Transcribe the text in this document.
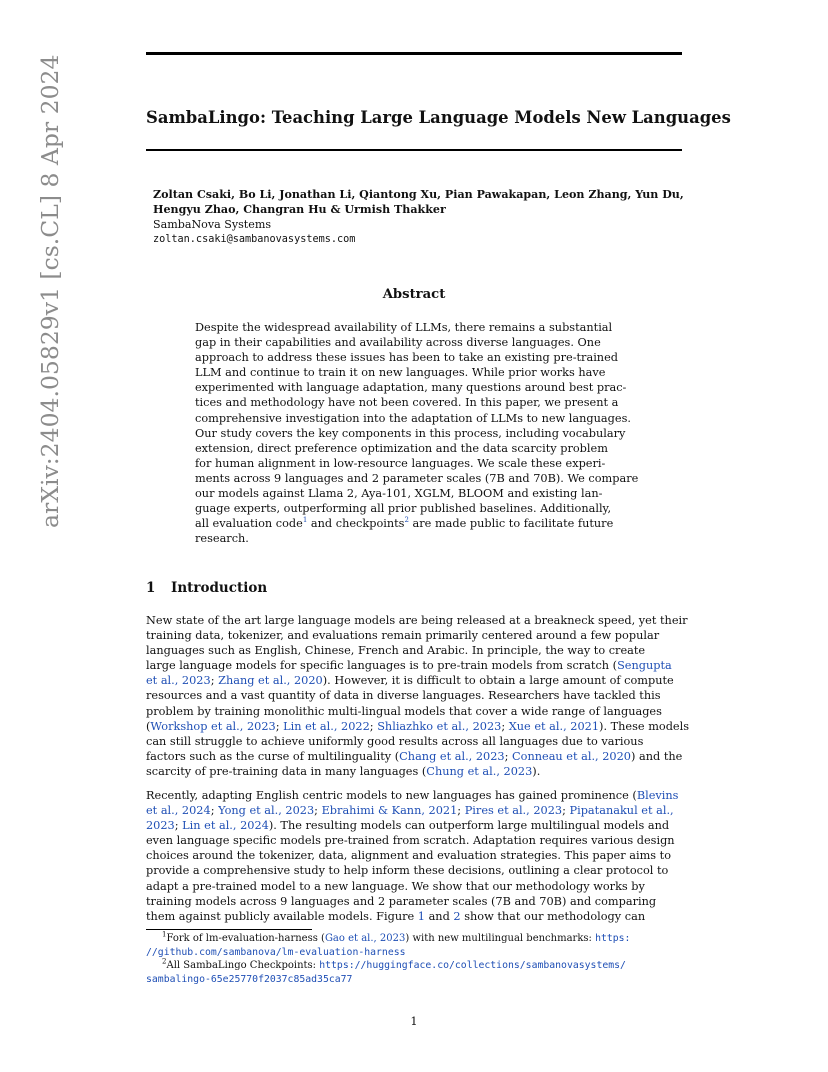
arXiv:2404.05829v1 [cs.CL] 8 Apr 2024	SambaLingo: Teaching Large Language Models New Languages
Zoltan Csaki, Bo Li, Jonathan Li, Qiantong Xu, Pian Pawakapan, Leon Zhang, Yun Du,
Hengyu Zhao, Changran Hu & Urmish Thakker
SambaNova Systems
zoltan.csaki@sambanovasystems.com
Abstract
Despite the widespread availability of LLMs, there remains a substantial
gap in their capabilities and availability across diverse languages. One
approach to address these issues has been to take an existing pre-trained
LLM and continue to train it on new languages. While prior works have
experimented with language adaptation, many questions around best prac-
tices and methodology have not been covered. In this paper, we present a
comprehensive investigation into the adaptation of LLMs to new languages.
Our study covers the key components in this process, including vocabulary
extension, direct preference optimization and the data scarcity problem
for human alignment in low-resource languages. We scale these experi-
ments across 9 languages and 2 parameter scales (7B and 70B). We compare
our models against Llama 2, Aya-101, XGLM, BLOOM and existing lan-
guage experts, outperforming all prior published baselines. Additionally,
all evaluation code$^1$ and checkpoints$^2$ are made public to facilitate future
research.
1 Introduction
New state of the art large language models are being released at a breakneck speed, yet their
training data, tokenizer, and evaluations remain primarily centered around a few popular
languages such as English, Chinese, French and Arabic. In principle, the way to create
large language models for specific languages is to pre-train models from scratch (Sengupta
et al., 2023; Zhang et al., 2020). However, it is difficult to obtain a large amount of compute
resources and a vast quantity of data in diverse languages. Researchers have tackled this
problem by training monolithic multi-lingual models that cover a wide range of languages
(Workshop et al., 2023; Lin et al., 2022; Shliazhko et al., 2023; Xue et al., 2021). These models
can still struggle to achieve uniformly good results across all languages due to various
factors such as the curse of multilinguality (Chang et al., 2023; Conneau et al., 2020) and the
scarcity of pre-training data in many languages (Chung et al., 2023).
Recently, adapting English centric models to new languages has gained prominence (Blevins
et al., 2024; Yong et al., 2023; Ebrahimi & Kann, 2021; Pires et al., 2023; Pipatanakul et al.,
2023; Lin et al., 2024). The resulting models can outperform large multilingual models and
even language specific models pre-trained from scratch. Adaptation requires various design
choices around the tokenizer, data, alignment and evaluation strategies. This paper aims to
provide a comprehensive study to help inform these decisions, outlining a clear protocol to
adapt a pre-trained model to a new language. We show that our methodology works by
training models across 9 languages and 2 parameter scales (7B and 70B) and comparing
them against publicly available models. Figure 1 and 2 show that our methodology can
$^1$Fork of lm-evaluation-harness (Gao et al., 2023) with new multilingual benchmarks: https:
//github.com/sambanova/lm-evaluation-harness
$^2$All SambaLingo Checkpoints: https://huggingface.co/collections/sambanovasystems/
sambalingo-65e25770f2037c85ad35ca77
1
